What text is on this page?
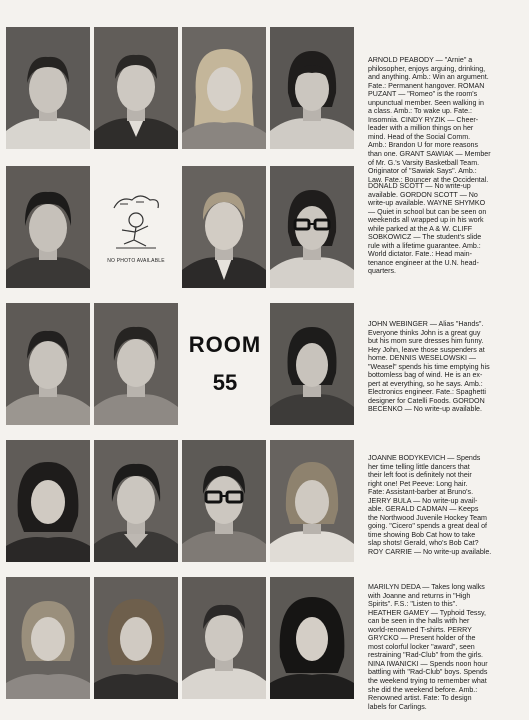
ARNOLD PEABODY — "Arnie" a
philosopher, enjoys arguing, drinking,
and anything. Amb.: Win an argument.
Fate.: Permanent hangover. ROMAN
PUZANT — "Romeo" is the room's
unpunctual member. Seen walking in
a class. Amb.: To wake up. Fate.:
Insomnia. CINDY RYZIK — Cheer-
leader with a million things on her
mind. Head of the Social Comm.
Amb.: Brandon U for more reasons
than one. GRANT SAWIAK — Member
of Mr. G.'s Varsity Basketball Team.
Originator of "Sawiak Says". Amb.:
Law. Fate.: Bouncer at the Occidental.
NO PHOTO AVAILABLE
DONALD SCOTT — No write-up
available. GORDON SCOTT — No
write-up available. WAYNE SHYMKO
— Quiet in school but can be seen on
weekends all wrapped up in his work
while parked at the A & W. CLIFF
SOBKOWICZ — The student's slide
rule with a lifetime guarantee. Amb.:
World dictator. Fate.: Head main-
tenance engineer at the U.N. head-
quarters.
ROOM
55
JOHN WEBINGER — Alias "Hands".
Everyone thinks John is a great guy
but his mom sure dresses him funny.
Hey John, leave those suspenders at
home. DENNIS WESELOWSKI —
"Weasel" spends his time emptying his
bottomless bag of wind. He is an ex-
pert at everything, so he says. Amb.:
Electronics engineer. Fate.: Spaghetti
designer for Catelli Foods. GORDON
BECENKO — No write-up available.
JOANNE BODYKEVICH — Spends
her time telling little dancers that
their left foot is definitely not their
right one! Pet Peeve: Long hair.
Fate: Assistant-barber at Bruno's.
JERRY BULA — No write-up avail-
able. GERALD CADMAN — Keeps
the Northwood Juvenile Hockey Team
going. "Cicero" spends a great deal of
time showing Bob Cat how to take
slap shots! Gerald, who's Bob Cat?
ROY CARRIE — No write-up available.
MARILYN DEDA — Takes long walks
with Joanne and returns in "High
Spirits". F.S.: "Listen to this".
HEATHER GAMEY — Typhoid Tessy,
can be seen in the halls with her
world-renowned T-shirts. PERRY
GRYCKO — Present holder of the
most colorful locker "award", seen
restraining "Rad-Club" from the girls.
NINA IWANICKI — Spends noon hour
battling with "Rad-Club" boys. Spends
the weekend trying to remember what
she did the weekend before. Amb.:
Renowned artist. Fate: To design
labels for Carlings.
